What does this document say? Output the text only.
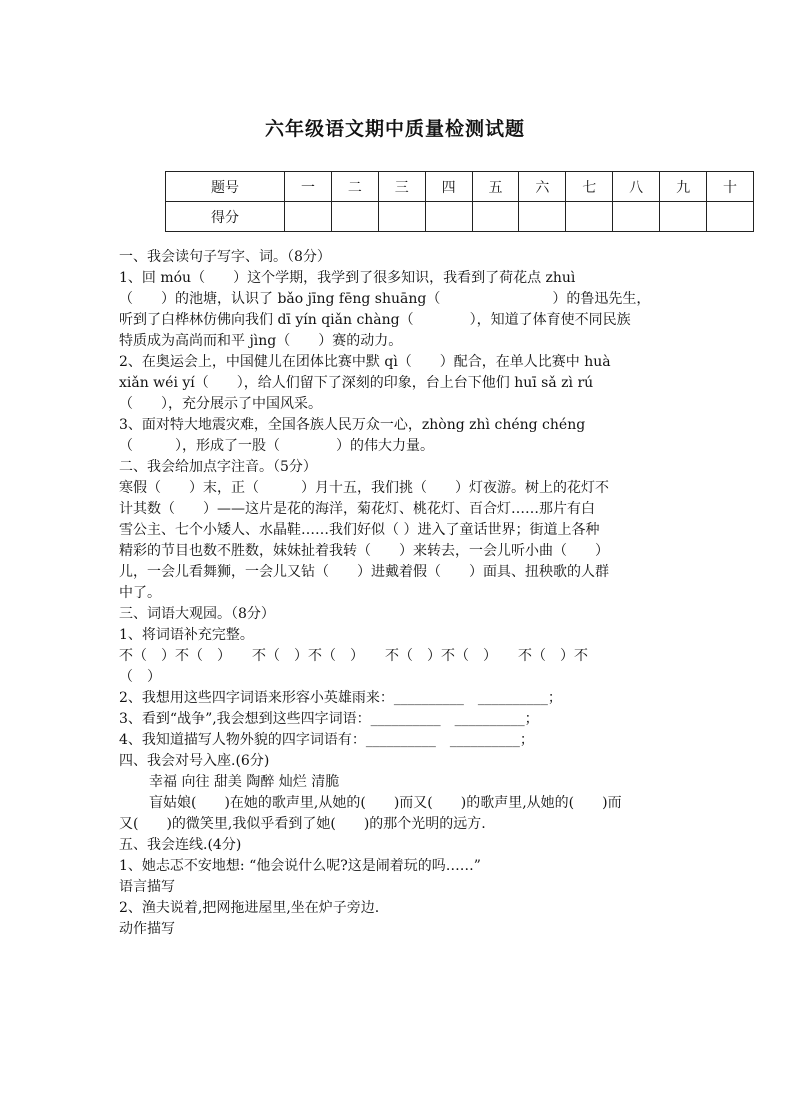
六年级语文期中质量检测试题
题号	一	二	三	四	五	六	七	八	九	十
得分										
一、我会读句子写字、词。（8分）
1、回 móu（　　）这个学期，我学到了很多知识，我看到了荷花点 zhuì
（　　）的池塘，认识了 bǎo jīng fēng shuāng（　　　　　　　　）的鲁迅先生，
听到了白桦林仿佛向我们 dī yín qiǎn chàng（　　　　），知道了体育使不同民族
特质成为高尚而和平 jìng（　　）赛的动力。
2、在奥运会上，中国健儿在团体比赛中默 qì（　　）配合，在单人比赛中 huà
xiǎn wéi yí（　　），给人们留下了深刻的印象，台上台下他们 huī sǎ zì rú
（　　），充分展示了中国风采。
3、面对特大地震灾难，全国各族人民万众一心，zhòng zhì chéng chéng
（　　　），形成了一股（　　　　）的伟大力量。
二、我会给加点字注音。（5分）
寒假（　　）末，正（　　　）月十五，我们挑（　　）灯夜游。树上的花灯不
计其数（　　）——这片是花的海洋，菊花灯、桃花灯、百合灯……那片有白
雪公主、七个小矮人、水晶鞋……我们好似（ ）进入了童话世界；街道上各种
精彩的节目也数不胜数，妹妹扯着我转（　　）来转去，一会儿听小曲（　　）
儿，一会儿看舞狮，一会儿又钻（　　）进戴着假（　　）面具、扭秧歌的人群
中了。
三、词语大观园。（8分）
1、将词语补充完整。
不（　）不（　）　　不（　）不（　）　　不（　）不（　）　　不（　）不
（　）
2、我想用这些四字词语来形容小英雄雨来：__________　__________；
3、看到“战争”,我会想到这些四字词语：__________　__________；
4、我知道描写人物外貌的四字词语有：__________　__________；
四、我会对号入座.(6分)
幸福 向往 甜美 陶醉 灿烂 清脆
盲姑娘(　　)在她的歌声里,从她的(　　)而又(　　)的歌声里,从她的(　　)而
又(　　)的微笑里,我似乎看到了她(　　)的那个光明的远方.
五、我会连线.(4分)
1、她忐忑不安地想: “他会说什么呢?这是闹着玩的吗……”
语言描写
2、渔夫说着,把网拖进屋里,坐在炉子旁边.
动作描写
